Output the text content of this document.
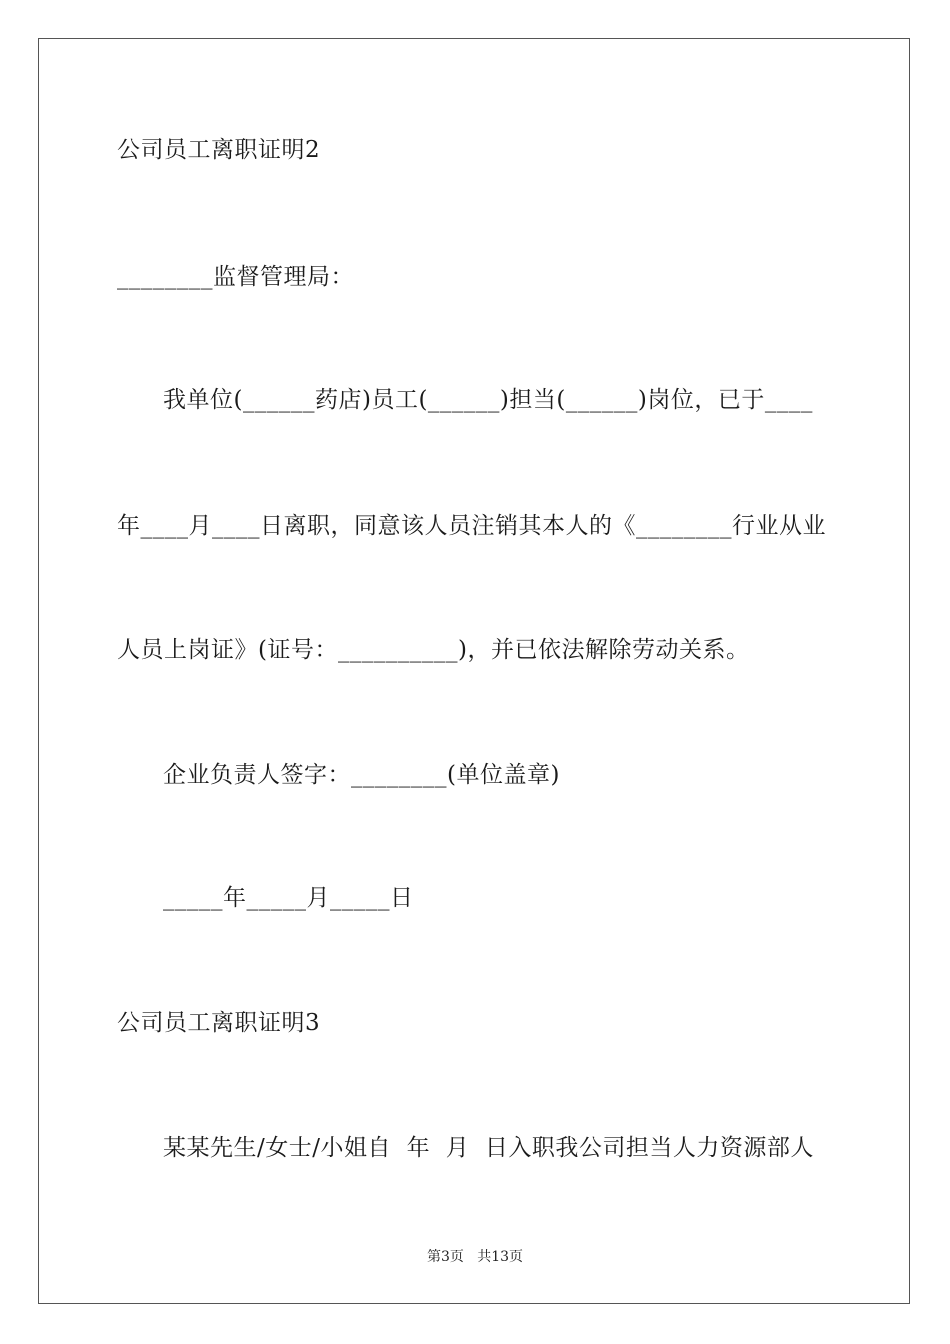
公司员工离职证明2
________监督管理局：
我单位(______药店)员工(______)担当(______)岗位，已于____
年____月____日离职，同意该人员注销其本人的《________行业从业
人员上岗证》(证号：__________)，并已依法解除劳动关系。
企业负责人签字：________(单位盖章)
_____年_____月_____日
公司员工离职证明3
某某先生/女士/小姐自  年  月  日入职我公司担当人力资源部人
第3页   共13页
